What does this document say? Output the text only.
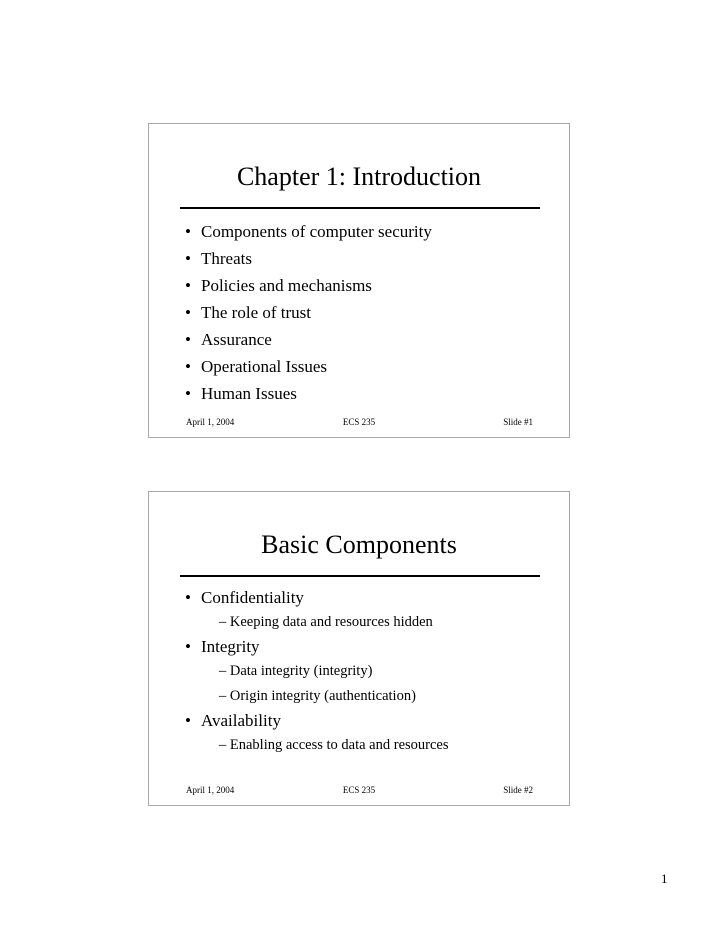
Chapter 1: Introduction
• Components of computer security
• Threats
• Policies and mechanisms
• The role of trust
• Assurance
• Operational Issues
• Human Issues
April 1, 2004	ECS 235	Slide #1
Basic Components
• Confidentiality
– Keeping data and resources hidden
• Integrity
– Data integrity (integrity)
– Origin integrity (authentication)
• Availability
– Enabling access to data and resources
April 1, 2004	ECS 235	Slide #2
1
